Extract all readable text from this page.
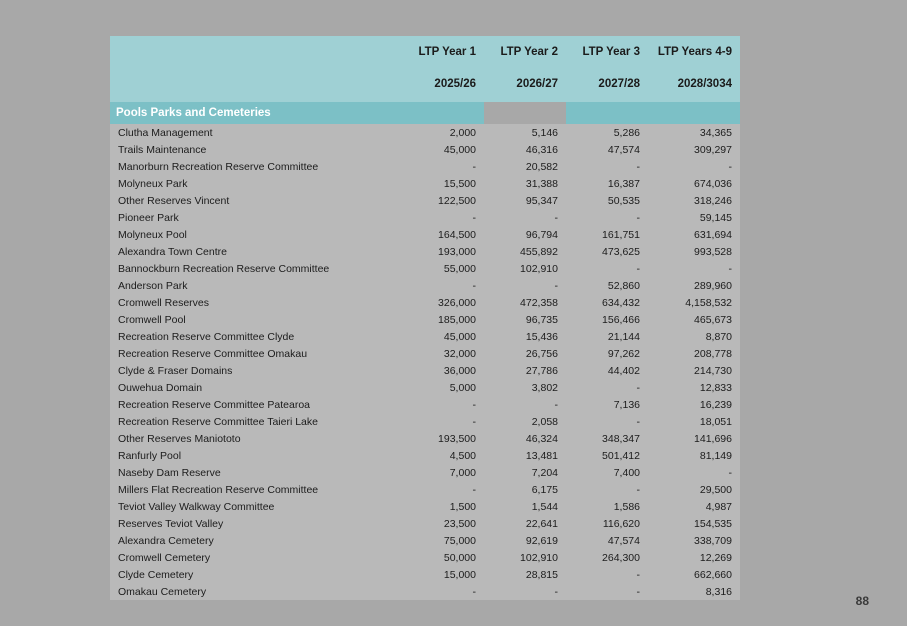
	LTP Year 1	LTP Year 2	LTP Year 3	LTP Years 4-9
	2025/26	2026/27	2027/28	2028/3034
Pools Parks and Cemeteries				
Clutha Management	2,000	5,146	5,286	34,365
Trails Maintenance	45,000	46,316	47,574	309,297
Manorburn Recreation Reserve Committee	-	20,582	-	-
Molyneux Park	15,500	31,388	16,387	674,036
Other Reserves Vincent	122,500	95,347	50,535	318,246
Pioneer Park	-	-	-	59,145
Molyneux Pool	164,500	96,794	161,751	631,694
Alexandra Town Centre	193,000	455,892	473,625	993,528
Bannockburn Recreation Reserve Committee	55,000	102,910	-	-
Anderson Park	-	-	52,860	289,960
Cromwell Reserves	326,000	472,358	634,432	4,158,532
Cromwell Pool	185,000	96,735	156,466	465,673
Recreation Reserve Committee Clyde	45,000	15,436	21,144	8,870
Recreation Reserve Committee Omakau	32,000	26,756	97,262	208,778
Clyde & Fraser Domains	36,000	27,786	44,402	214,730
Ouwehua Domain	5,000	3,802	-	12,833
Recreation Reserve Committee Patearoa	-	-	7,136	16,239
Recreation Reserve Committee Taieri Lake	-	2,058	-	18,051
Other Reserves Maniototo	193,500	46,324	348,347	141,696
Ranfurly Pool	4,500	13,481	501,412	81,149
Naseby Dam Reserve	7,000	7,204	7,400	-
Millers Flat Recreation Reserve Committee	-	6,175	-	29,500
Teviot Valley Walkway Committee	1,500	1,544	1,586	4,987
Reserves Teviot Valley	23,500	22,641	116,620	154,535
Alexandra Cemetery	75,000	92,619	47,574	338,709
Cromwell Cemetery	50,000	102,910	264,300	12,269
Clyde Cemetery	15,000	28,815	-	662,660
Omakau Cemetery	-	-	-	8,316
88
